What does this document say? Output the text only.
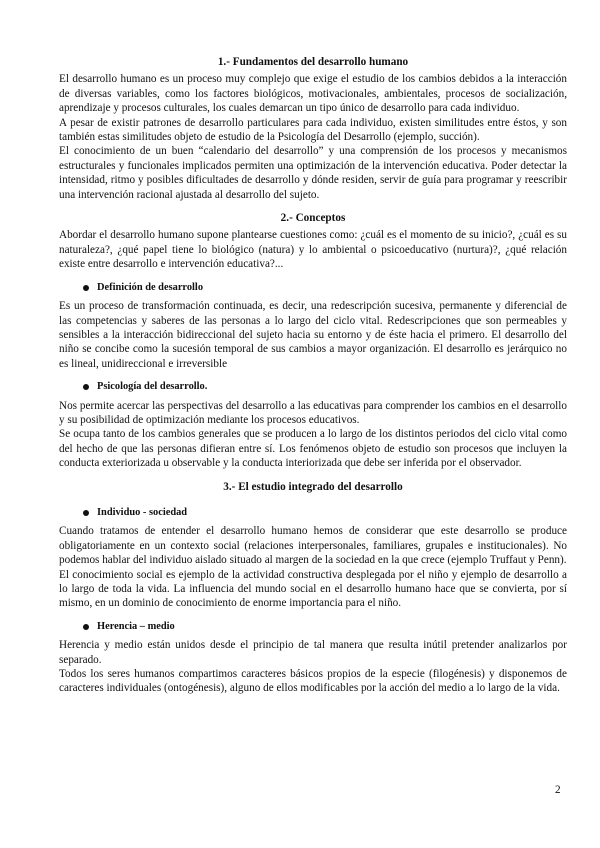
1.- Fundamentos del desarrollo humano

El desarrollo humano es un proceso muy complejo que exige el estudio de los cambios debidos a la interacción de diversas variables, como los factores biológicos, motivacionales, ambientales, procesos de socialización, aprendizaje y procesos culturales, los cuales demarcan un tipo único de desarrollo para cada individuo.

A pesar de existir patrones de desarrollo particulares para cada individuo, existen similitudes entre éstos, y son también estas similitudes objeto de estudio de la Psicología del Desarrollo (ejemplo, succión).

El conocimiento de un buen “calendario del desarrollo” y una comprensión de los procesos y mecanismos estructurales y funcionales implicados permiten una optimización de la intervención educativa. Poder detectar la intensidad, ritmo y posibles dificultades de desarrollo y dónde residen, servir de guía para programar y reescribir una intervención racional ajustada al desarrollo del sujeto.

2.- Conceptos

Abordar el desarrollo humano supone plantearse cuestiones como: ¿cuál es el momento de su inicio?, ¿cuál es su naturaleza?, ¿qué papel tiene lo biológico (natura) y lo ambiental o psicoeducativo (nurtura)?, ¿qué relación existe entre desarrollo e intervención educativa?...

Definición de desarrollo

Es un proceso de transformación continuada, es decir, una redescripción sucesiva, permanente y diferencial de las competencias y saberes de las personas a lo largo del ciclo vital. Redescripciones que son permeables y sensibles a la interacción bidireccional del sujeto hacia su entorno y de éste hacia el primero. El desarrollo del niño se concibe como la sucesión temporal de sus cambios a mayor organización. El desarrollo es jerárquico no es lineal, unidireccional e irreversible

Psicología del desarrollo.

Nos permite acercar las perspectivas del desarrollo a las educativas para comprender los cambios en el desarrollo y su posibilidad de optimización mediante los procesos educativos.

Se ocupa tanto de los cambios generales que se producen a lo largo de los distintos periodos del ciclo vital como del hecho de que las personas difieran entre sí. Los fenómenos objeto de estudio son procesos que incluyen la conducta exteriorizada u observable y la conducta interiorizada que debe ser inferida por el observador.

3.- El estudio integrado del desarrollo
Individuo - sociedad

Cuando tratamos de entender el desarrollo humano hemos de considerar que este desarrollo se produce obligatoriamente en un contexto social (relaciones interpersonales, familiares, grupales e institucionales). No podemos hablar del individuo aislado situado al margen de la sociedad en la que crece (ejemplo Truffaut y Penn).

El conocimiento social es ejemplo de la actividad constructiva desplegada por el niño y ejemplo de desarrollo a lo largo de toda la vida. La influencia del mundo social en el desarrollo humano hace que se convierta, por sí mismo, en un dominio de conocimiento de enorme importancia para el niño.

Herencia – medio

Herencia y medio están unidos desde el principio de tal manera que resulta inútil pretender analizarlos por separado.

Todos los seres humanos compartimos caracteres básicos propios de la especie (filogénesis) y disponemos de caracteres individuales (ontogénesis), alguno de ellos modificables por la acción del medio a lo largo de la vida.

2
